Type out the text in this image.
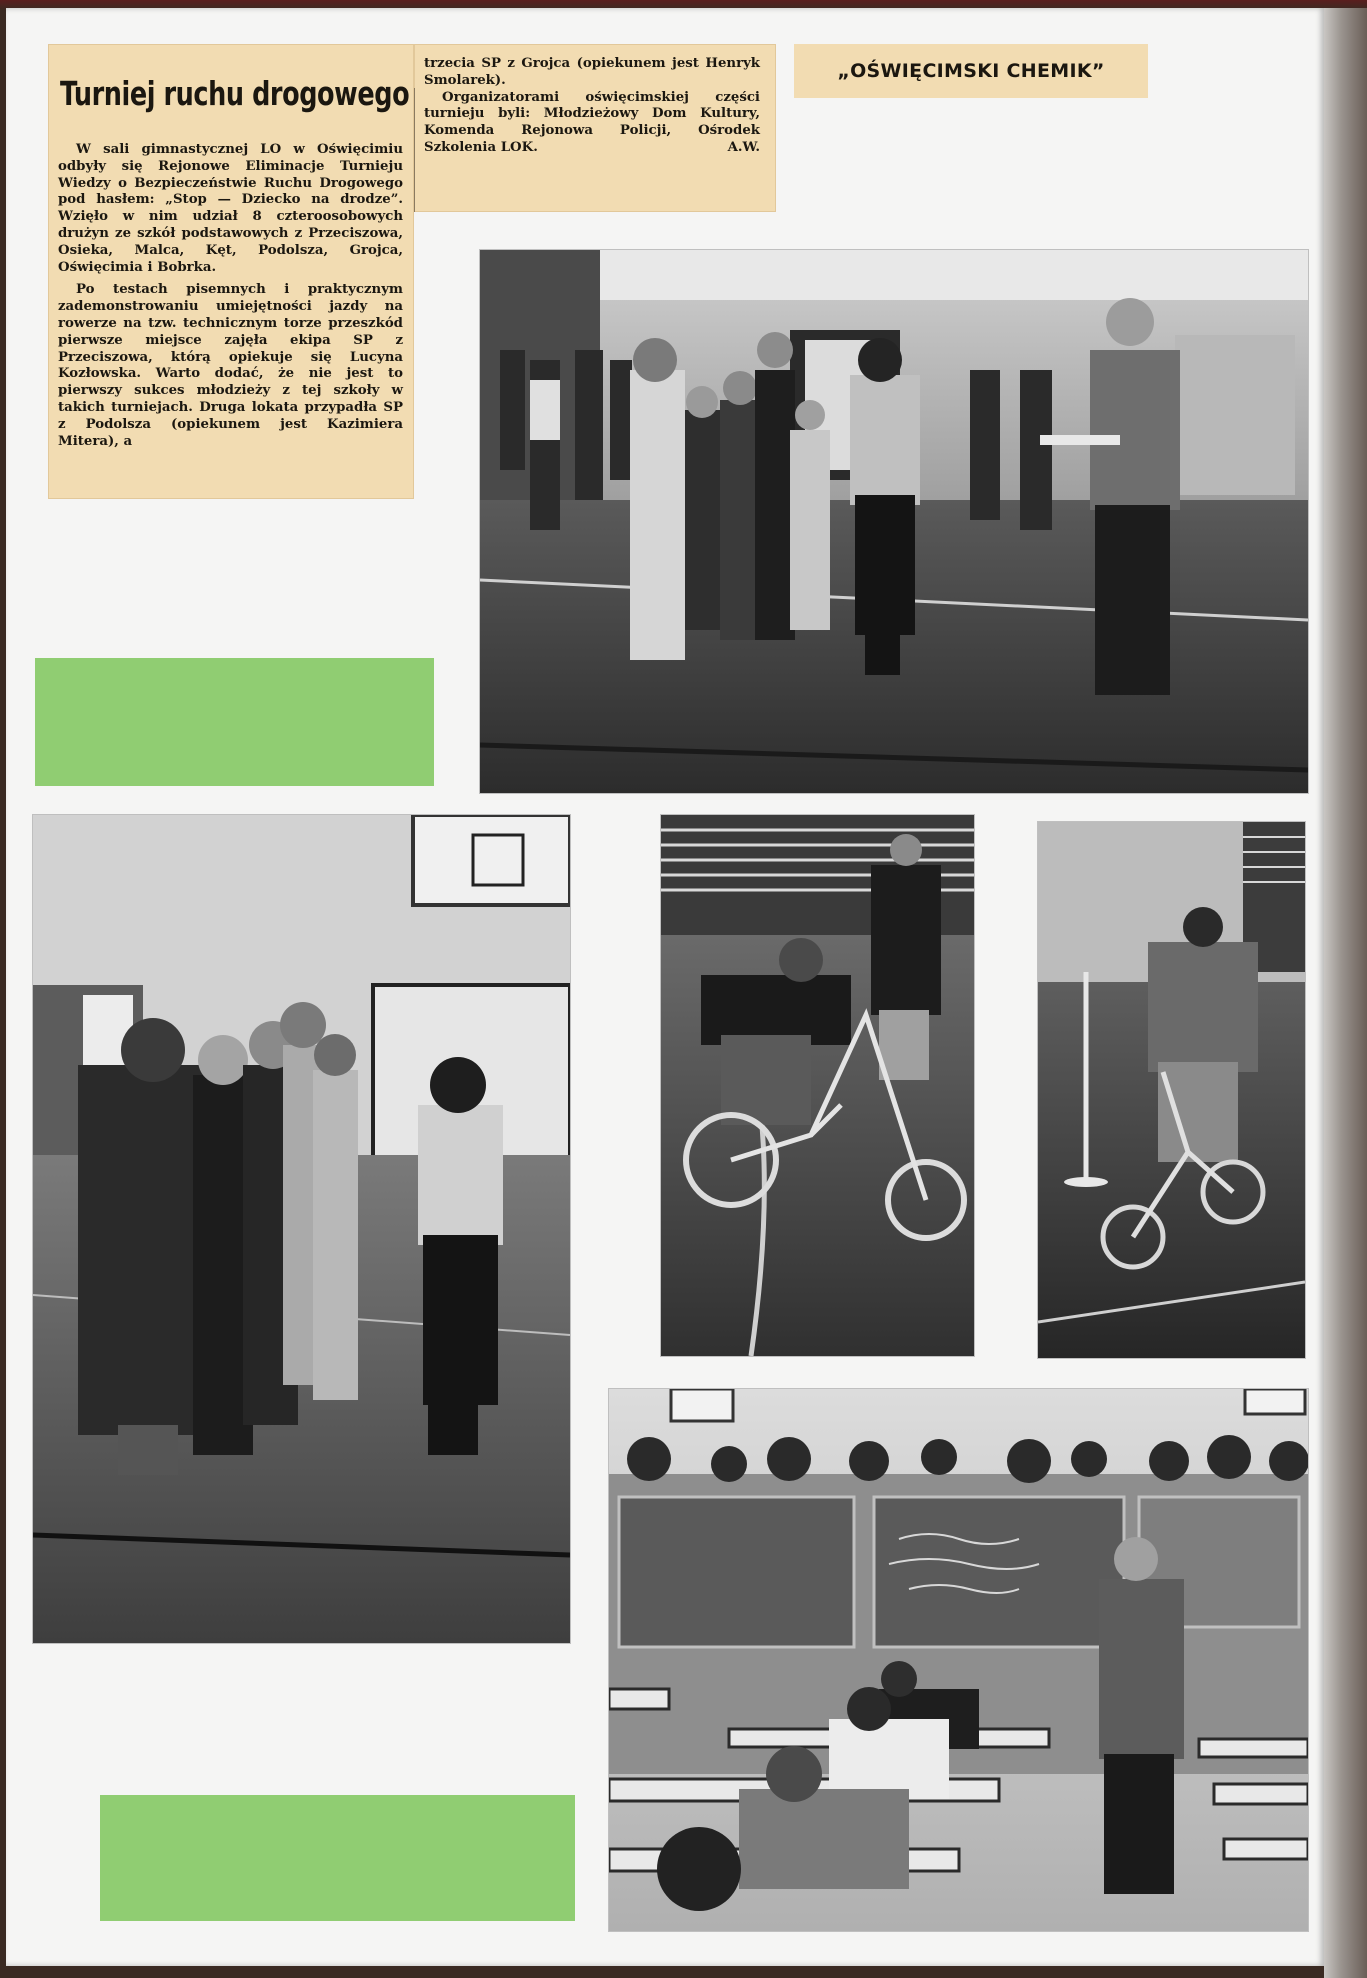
Turniej ruchu drogowego

W sali gimnastycznej LO w Oświęcimiu odbyły się Rejonowe Eliminacje Turnieju Wiedzy o Bezpieczeństwie Ruchu Drogowego pod hasłem: „Stop — Dziecko na drodze”. Wzięło w nim udział 8 czteroosobowych drużyn ze szkół podstawowych z Przeciszowa, Osieka, Malca, Kęt, Podolsza, Grojca, Oświęcimia i Bobrka.

Po testach pisemnych i praktycznym zademonstrowaniu umiejętności jazdy na rowerze na tzw. technicznym torze przeszkód pierwsze miejsce zajęła ekipa SP z Przeciszowa, którą opiekuje się Lucyna Kozłowska. Warto dodać, że nie jest to pierwszy sukces młodzieży z tej szkoły w takich turniejach. Druga lokata przypadła SP z Podolsza (opiekunem jest Kazimiera Mitera), a

trzecia SP z Grojca (opiekunem jest Henryk Smolarek).

Organizatorami oświęcimskiej części turnieju byli: Młodzieżowy Dom Kultury, Komenda Rejonowa Policji, Ośrodek Szkolenia LOK.	A.W.

„OŚWIĘCIMSKI CHEMIK”
